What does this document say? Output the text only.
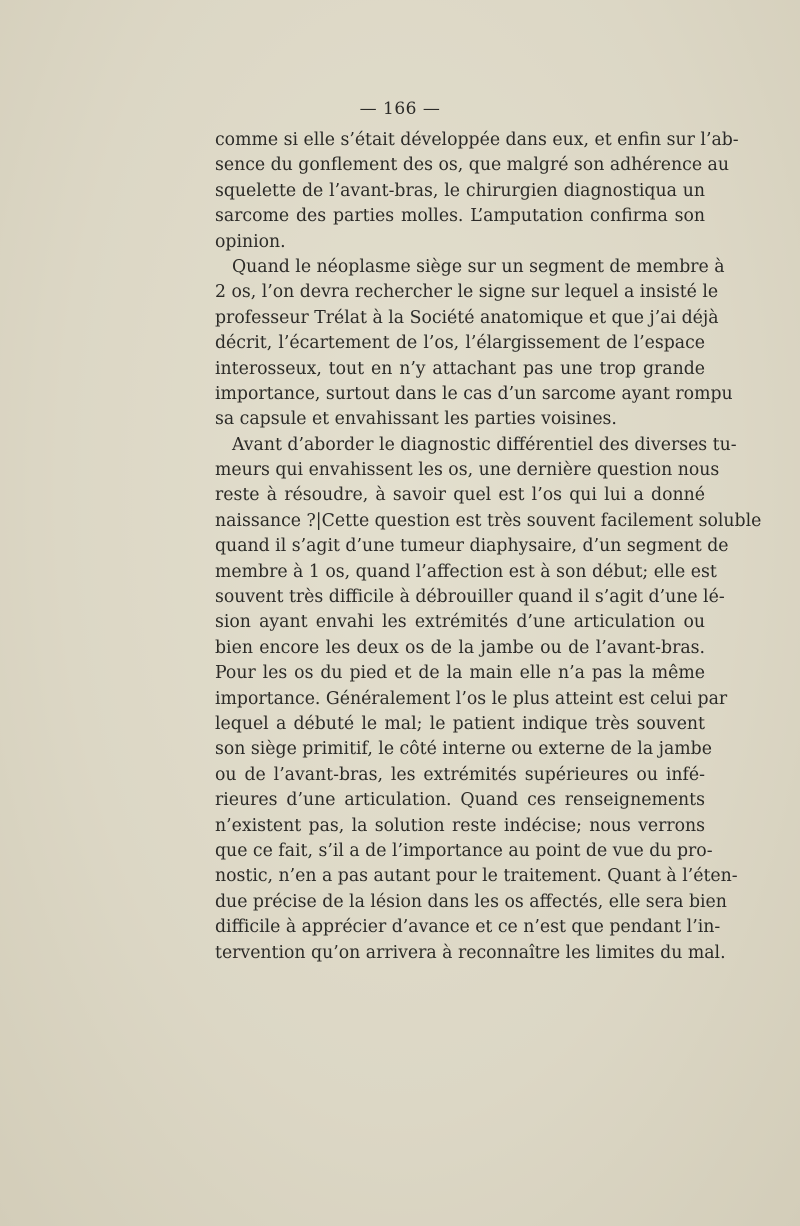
— 166 —
comme si elle s’était développée dans eux, et enfin sur l’ab-
sence du gonflement des os, que malgré son adhérence au
squelette de l’avant-bras, le chirurgien diagnostiqua un
sarcome des parties molles. L’amputation confirma son
opinion.
Quand le néoplasme siège sur un segment de membre à
2 os, l’on devra rechercher le signe sur lequel a insisté le
professeur Trélat à la Société anatomique et que j’ai déjà
décrit, l’écartement de l’os, l’élargissement de l’espace
interosseux, tout en n’y attachant pas une trop grande
importance, surtout dans le cas d’un sarcome ayant rompu
sa capsule et envahissant les parties voisines.
Avant d’aborder le diagnostic différentiel des diverses tu-
meurs qui envahissent les os, une dernière question nous
reste à résoudre, à savoir quel est l’os qui lui a donné
naissance ?|Cette question est très souvent facilement soluble
quand il s’agit d’une tumeur diaphysaire, d’un segment de
membre à 1 os, quand l’affection est à son début; elle est
souvent très difficile à débrouiller quand il s’agit d’une lé-
sion ayant envahi les extrémités d’une articulation ou
bien encore les deux os de la jambe ou de l’avant-bras.
Pour les os du pied et de la main elle n’a pas la même
importance. Généralement l’os le plus atteint est celui par
lequel a débuté le mal; le patient indique très souvent
son siège primitif, le côté interne ou externe de la jambe
ou de l’avant-bras, les extrémités supérieures ou infé-
rieures d’une articulation. Quand ces renseignements
n’existent pas, la solution reste indécise; nous verrons
que ce fait, s’il a de l’importance au point de vue du pro-
nostic, n’en a pas autant pour le traitement. Quant à l’éten-
due précise de la lésion dans les os affectés, elle sera bien
difficile à apprécier d’avance et ce n’est que pendant l’in-
tervention qu’on arrivera à reconnaître les limites du mal.
